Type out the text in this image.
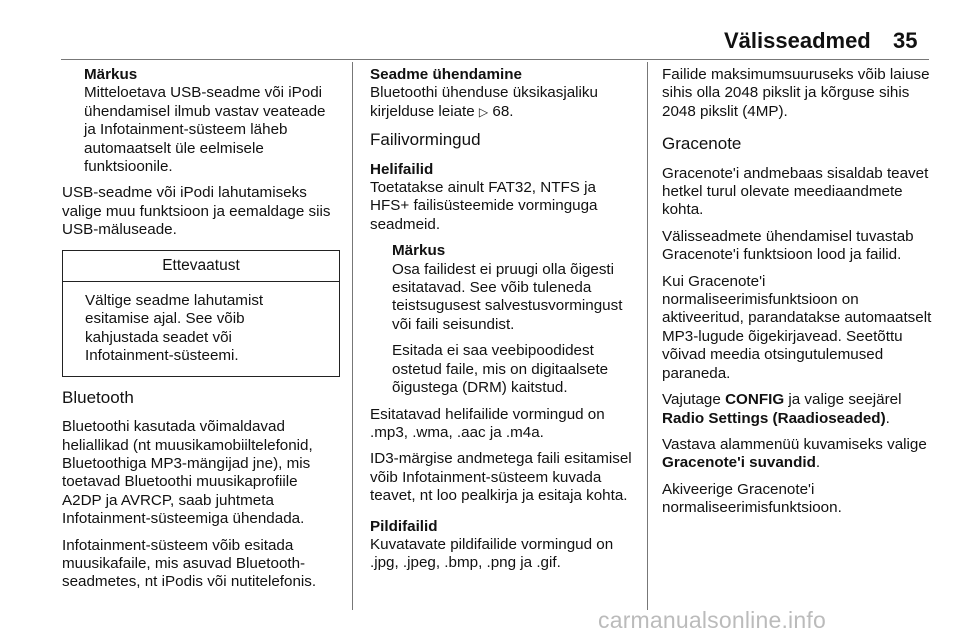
Välisseadmed 35
Märkus

Mitteloetava USB-seadme või iPodi ühendamisel ilmub vastav veateade ja Infotainment-süsteem läheb automaatselt üle eelmisele funktsioonile.

USB-seadme või iPodi lahutamiseks valige muu funktsioon ja eemaldage siis USB-mäluseade.

Ettevaatust
Vältige seadme lahutamist esitamise ajal. See võib kahjustada seadet või Infotainment-süsteemi.
Bluetooth

Bluetoothi kasutada võimaldavad heliallikad (nt muusikamobiiltelefonid, Bluetoothiga MP3-mängijad jne), mis toetavad Bluetoothi muusikaprofiile A2DP ja AVRCP, saab juhtmeta Infotainment-süsteemiga ühendada.

Infotainment-süsteem võib esitada muusikafaile, mis asuvad Bluetooth-seadmetes, nt iPodis või nutitelefonis.

Seadme ühendamine

Bluetoothi ühenduse üksikasjaliku kirjelduse leiate ▷ 68.

Failivormingud
Helifailid

Toetatakse ainult FAT32, NTFS ja HFS+ failisüsteemide vorminguga seadmeid.

Märkus

Osa failidest ei pruugi olla õigesti esitatavad. See võib tuleneda teistsugusest salvestusvormingust või faili seisundist.

Esitada ei saa veebipoodidest ostetud faile, mis on digitaalsete õigustega (DRM) kaitstud.

Esitatavad helifailide vormingud on .mp3, .wma, .aac ja .m4a.

ID3-märgise andmetega faili esitamisel võib Infotainment-süsteem kuvada teavet, nt loo pealkirja ja esitaja kohta.

Pildifailid

Kuvatavate pildifailide vormingud on .jpg, .jpeg, .bmp, .png ja .gif.

Failide maksimumsuuruseks võib laiuse sihis olla 2048 pikslit ja kõrguse sihis 2048 pikslit (4MP).

Gracenote

Gracenote'i andmebaas sisaldab teavet hetkel turul olevate meediaandmete kohta.

Välisseadmete ühendamisel tuvastab Gracenote'i funktsioon lood ja failid.

Kui Gracenote'i normaliseerimisfunktsioon on aktiveeritud, parandatakse automaatselt MP3-lugude õigekirjavead. Seetõttu võivad meedia otsingutulemused paraneda.

Vajutage CONFIG ja valige seejärel Radio Settings (Raadioseaded).

Vastava alammenüü kuvamiseks valige Gracenote'i suvandid.

Akiveerige Gracenote'i normaliseerimisfunktsioon.

carmanualsonline.info
